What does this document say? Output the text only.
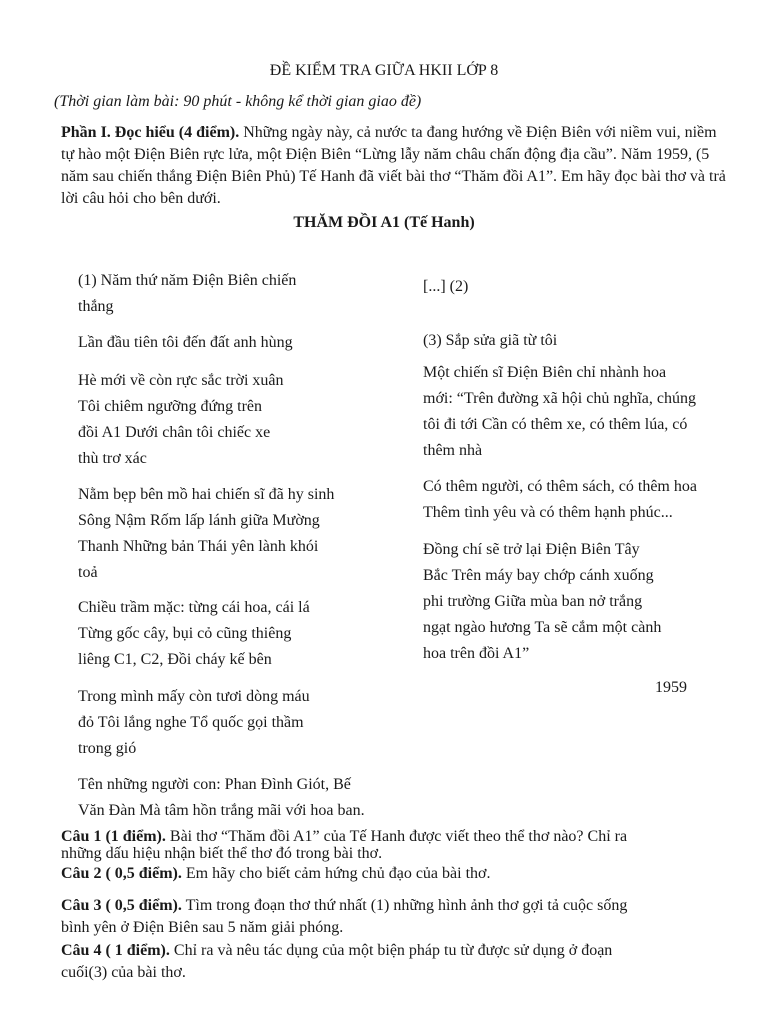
ĐỀ KIỂM TRA GIỮA HKII LỚP 8
(Thời gian làm bài: 90 phút - không kể thời gian giao đề)
Phần I. Đọc hiểu (4 điểm). Những ngày này, cả nước ta đang hướng về Điện Biên với niềm vui, niềm tự hào một Điện Biên rực lửa, một Điện Biên “Lừng lẫy năm châu chấn động địa cầu”. Năm 1959, (5 năm sau chiến thắng Điện Biên Phủ) Tế Hanh đã viết bài thơ “Thăm đồi A1”. Em hãy đọc bài thơ và trả lời câu hỏi cho bên dưới.
THĂM ĐỒI A1 (Tế Hanh)
(1) Năm thứ năm Điện Biên chiến
thắng
Lần đầu tiên tôi đến đất anh hùng
Hè mới về còn rực sắc trời xuân
Tôi chiêm ngưỡng đứng trên
đồi A1 Dưới chân tôi chiếc xe
thù trơ xác
Nằm bẹp bên mồ hai chiến sĩ đã hy sinh
Sông Nậm Rốm lấp lánh giữa Mường
Thanh Những bản Thái yên lành khói
toả
Chiều trầm mặc: từng cái hoa, cái lá
Từng gốc cây, bụi cỏ cũng thiêng
liêng C1, C2, Đồi cháy kế bên
Trong mình mấy còn tươi dòng máu
đỏ Tôi lắng nghe Tổ quốc gọi thầm
trong gió
Tên những người con: Phan Đình Giót, Bế
Văn Đàn Mà tâm hồn trắng mãi với hoa ban.
[...] (2)
(3) Sắp sửa giã từ tôi
Một chiến sĩ Điện Biên chỉ nhành hoa
mới: “Trên đường xã hội chủ nghĩa, chúng
tôi đi tới Cần có thêm xe, có thêm lúa, có
thêm nhà
Có thêm người, có thêm sách, có thêm hoa
Thêm tình yêu và có thêm hạnh phúc...
Đồng chí sẽ trở lại Điện Biên Tây
Bắc Trên máy bay chớp cánh xuống
phi trường Giữa mùa ban nở trắng
ngạt ngào hương Ta sẽ cắm một cành
hoa trên đồi A1”
1959
Câu 1 (1 điểm). Bài thơ “Thăm đồi A1” của Tế Hanh được viết theo thể thơ nào? Chỉ ra
những dấu hiệu nhận biết thể thơ đó trong bài thơ.
Câu 2 ( 0,5 điểm). Em hãy cho biết cảm hứng chủ đạo của bài thơ.
Câu 3 ( 0,5 điểm). Tìm trong đoạn thơ thứ nhất (1) những hình ảnh thơ gợi tả cuộc sống
bình yên ở Điện Biên sau 5 năm giải phóng.
Câu 4 ( 1 điểm). Chỉ ra và nêu tác dụng của một biện pháp tu từ được sử dụng ở đoạn
cuối(3) của bài thơ.
